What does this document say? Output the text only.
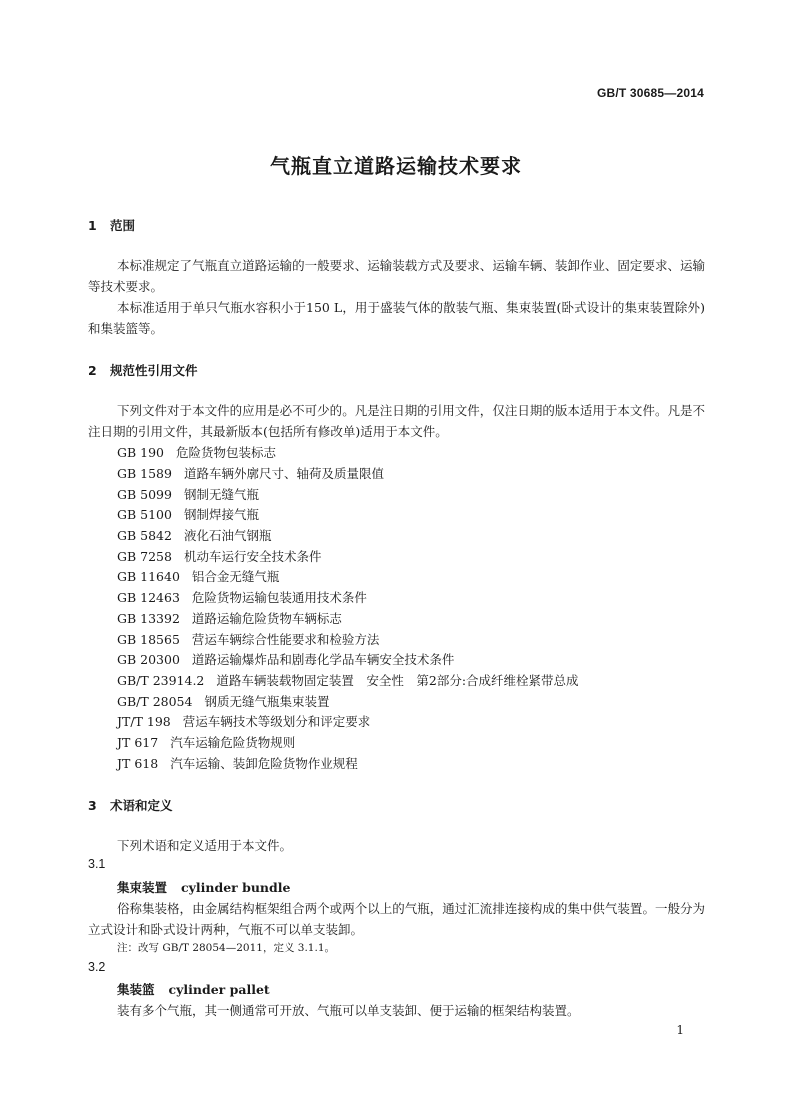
GB/T 30685—2014
气瓶直立道路运输技术要求
1 范围
本标准规定了气瓶直立道路运输的一般要求、运输装载方式及要求、运输车辆、装卸作业、固定要求、运输等技术要求。
本标准适用于单只气瓶水容积小于150 L，用于盛装气体的散装气瓶、集束装置(卧式设计的集束装置除外)和集装篮等。
2 规范性引用文件
下列文件对于本文件的应用是必不可少的。凡是注日期的引用文件，仅注日期的版本适用于本文件。凡是不注日期的引用文件，其最新版本(包括所有修改单)适用于本文件。
GB 190 危险货物包装标志
GB 1589 道路车辆外廓尺寸、轴荷及质量限值
GB 5099 钢制无缝气瓶
GB 5100 钢制焊接气瓶
GB 5842 液化石油气钢瓶
GB 7258 机动车运行安全技术条件
GB 11640 铝合金无缝气瓶
GB 12463 危险货物运输包装通用技术条件
GB 13392 道路运输危险货物车辆标志
GB 18565 营运车辆综合性能要求和检验方法
GB 20300 道路运输爆炸品和剧毒化学品车辆安全技术条件
GB/T 23914.2 道路车辆装载物固定装置　安全性　第2部分:合成纤维栓紧带总成
GB/T 28054 钢质无缝气瓶集束装置
JT/T 198 营运车辆技术等级划分和评定要求
JT 617 汽车运输危险货物规则
JT 618 汽车运输、装卸危险货物作业规程
3 术语和定义
下列术语和定义适用于本文件。
3.1
集束装置 cylinder bundle
俗称集装格，由金属结构框架组合两个或两个以上的气瓶，通过汇流排连接构成的集中供气装置。一般分为立式设计和卧式设计两种，气瓶不可以单支装卸。
注：改写 GB/T 28054—2011，定义 3.1.1。
3.2
集装篮 cylinder pallet
装有多个气瓶，其一侧通常可开放、气瓶可以单支装卸、便于运输的框架结构装置。
1
